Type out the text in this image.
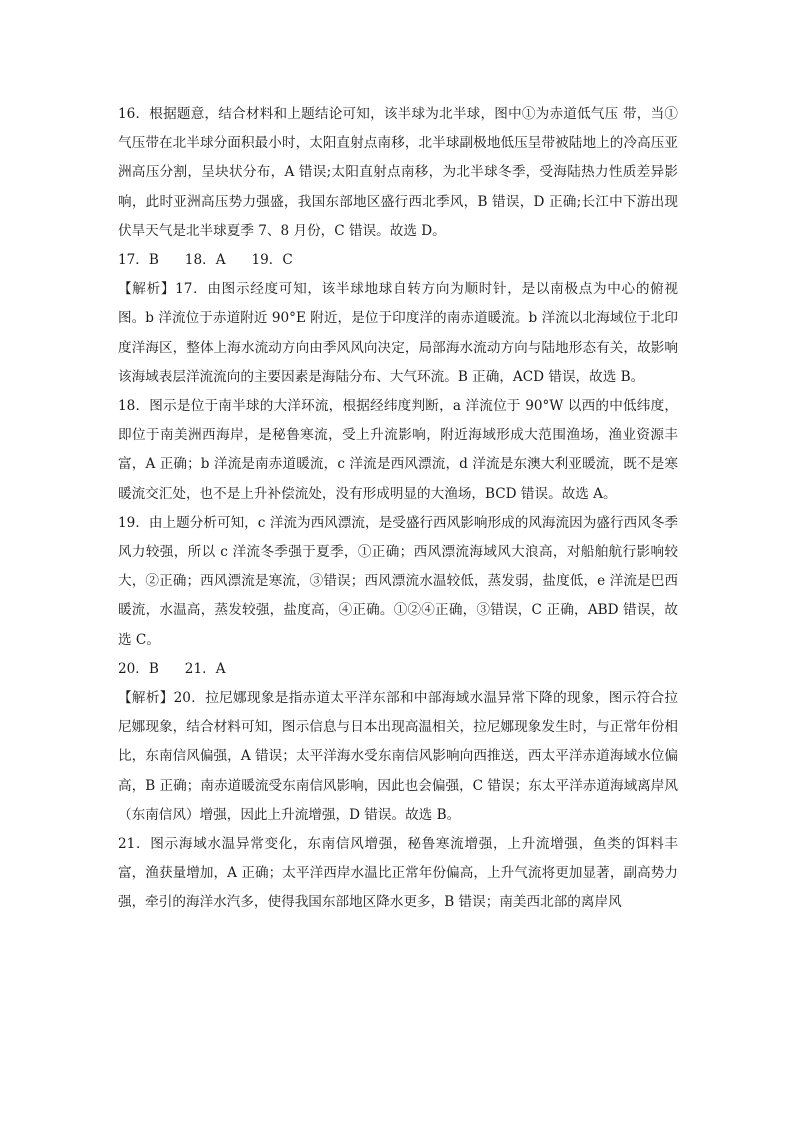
16．根据题意，结合材料和上题结论可知，该半球为北半球，图中①为赤道低气压 带，当①气压带在北半球分面积最小时，太阳直射点南移，北半球副极地低压呈带被陆地上的冷高压亚洲高压分割，呈块状分布，A 错误;太阳直射点南移，为北半球冬季，受海陆热力性质差异影响，此时亚洲高压势力强盛，我国东部地区盛行西北季风，B 错误，D 正确;长江中下游出现伏旱天气是北半球夏季 7、8 月份，C 错误。故选 D。

17．B      18．A      19．C

【解析】17．由图示经度可知，该半球地球自转方向为顺时针，是以南极点为中心的俯视图。b 洋流位于赤道附近 90°E 附近，是位于印度洋的南赤道暖流。b 洋流以北海域位于北印度洋海区，整体上海水流动方向由季风风向决定，局部海水流动方向与陆地形态有关，故影响该海域表层洋流流向的主要因素是海陆分布、大气环流。B 正确，ACD 错误，故选 B。

18．图示是位于南半球的大洋环流，根据经纬度判断，a 洋流位于 90°W 以西的中低纬度，即位于南美洲西海岸，是秘鲁寒流，受上升流影响，附近海域形成大范围渔场，渔业资源丰富，A 正确；b 洋流是南赤道暖流，c 洋流是西风漂流，d 洋流是东澳大利亚暖流，既不是寒暖流交汇处，也不是上升补偿流处，没有形成明显的大渔场，BCD 错误。故选 A。

19．由上题分析可知，c 洋流为西风漂流，是受盛行西风影响形成的风海流因为盛行西风冬季风力较强，所以 c 洋流冬季强于夏季，①正确；西风漂流海域风大浪高，对船舶航行影响较大，②正确；西风漂流是寒流，③错误；西风漂流水温较低，蒸发弱，盐度低，e 洋流是巴西暖流，水温高，蒸发较强，盐度高，④正确。①②④正确，③错误，C 正确，ABD 错误，故选 C。

20．B      21．A

【解析】20．拉尼娜现象是指赤道太平洋东部和中部海域水温异常下降的现象，图示符合拉尼娜现象，结合材料可知，图示信息与日本出现高温相关，拉尼娜现象发生时，与正常年份相比，东南信风偏强，A 错误；太平洋海水受东南信风影响向西推送，西太平洋赤道海域水位偏高，B 正确；南赤道暖流受东南信风影响，因此也会偏强，C 错误；东太平洋赤道海域离岸风（东南信风）增强，因此上升流增强，D 错误。故选 B。

21．图示海域水温异常变化，东南信风增强，秘鲁寒流增强，上升流增强，鱼类的饵料丰富，渔获量增加，A 正确；太平洋西岸水温比正常年份偏高，上升气流将更加显著，副高势力强，牵引的海洋水汽多，使得我国东部地区降水更多，B 错误；南美西北部的离岸风
